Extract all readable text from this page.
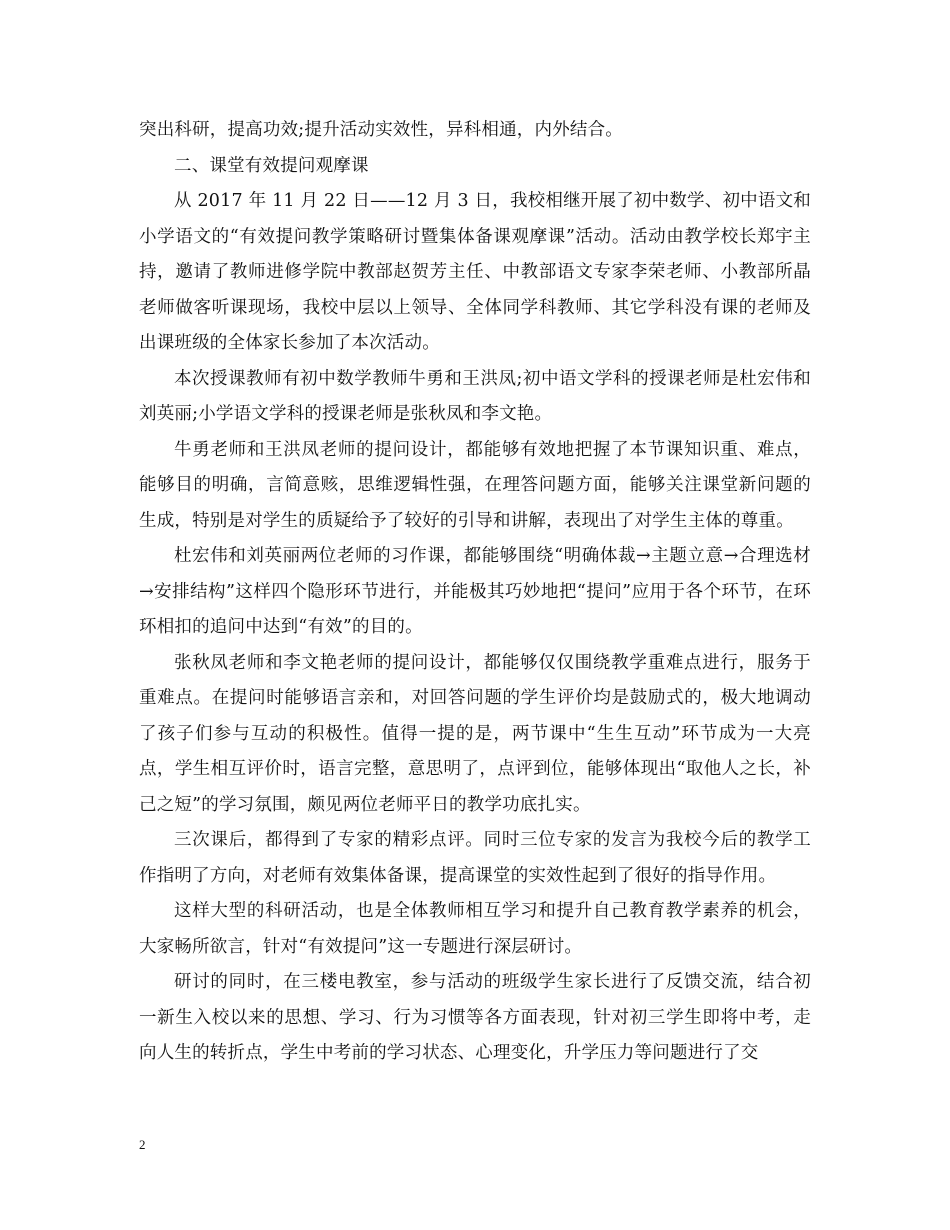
突出科研，提高功效;提升活动实效性，异科相通，内外结合。

二、课堂有效提问观摩课

从 2017 年 11 月 22 日——12 月 3 日，我校相继开展了初中数学、初中语文和小学语文的“有效提问教学策略研讨暨集体备课观摩课”活动。活动由教学校长郑宇主持，邀请了教师进修学院中教部赵贺芳主任、中教部语文专家李荣老师、小教部所晶老师做客听课现场，我校中层以上领导、全体同学科教师、其它学科没有课的老师及出课班级的全体家长参加了本次活动。

本次授课教师有初中数学教师牛勇和王洪凤;初中语文学科的授课老师是杜宏伟和刘英丽;小学语文学科的授课老师是张秋凤和李文艳。

牛勇老师和王洪凤老师的提问设计，都能够有效地把握了本节课知识重、难点，能够目的明确，言简意赅，思维逻辑性强，在理答问题方面，能够关注课堂新问题的生成，特别是对学生的质疑给予了较好的引导和讲解，表现出了对学生主体的尊重。

杜宏伟和刘英丽两位老师的习作课，都能够围绕“明确体裁→主题立意→合理选材→安排结构”这样四个隐形环节进行，并能极其巧妙地把“提问”应用于各个环节，在环环相扣的追问中达到“有效”的目的。

张秋凤老师和李文艳老师的提问设计，都能够仅仅围绕教学重难点进行，服务于重难点。在提问时能够语言亲和，对回答问题的学生评价均是鼓励式的，极大地调动了孩子们参与互动的积极性。值得一提的是，两节课中“生生互动”环节成为一大亮点，学生相互评价时，语言完整，意思明了，点评到位，能够体现出“取他人之长，补己之短”的学习氛围，颇见两位老师平日的教学功底扎实。

三次课后，都得到了专家的精彩点评。同时三位专家的发言为我校今后的教学工作指明了方向，对老师有效集体备课，提高课堂的实效性起到了很好的指导作用。

这样大型的科研活动，也是全体教师相互学习和提升自己教育教学素养的机会，大家畅所欲言，针对“有效提问”这一专题进行深层研讨。

研讨的同时，在三楼电教室，参与活动的班级学生家长进行了反馈交流，结合初一新生入校以来的思想、学习、行为习惯等各方面表现，针对初三学生即将中考，走向人生的转折点，学生中考前的学习状态、心理变化，升学压力等问题进行了交

2
